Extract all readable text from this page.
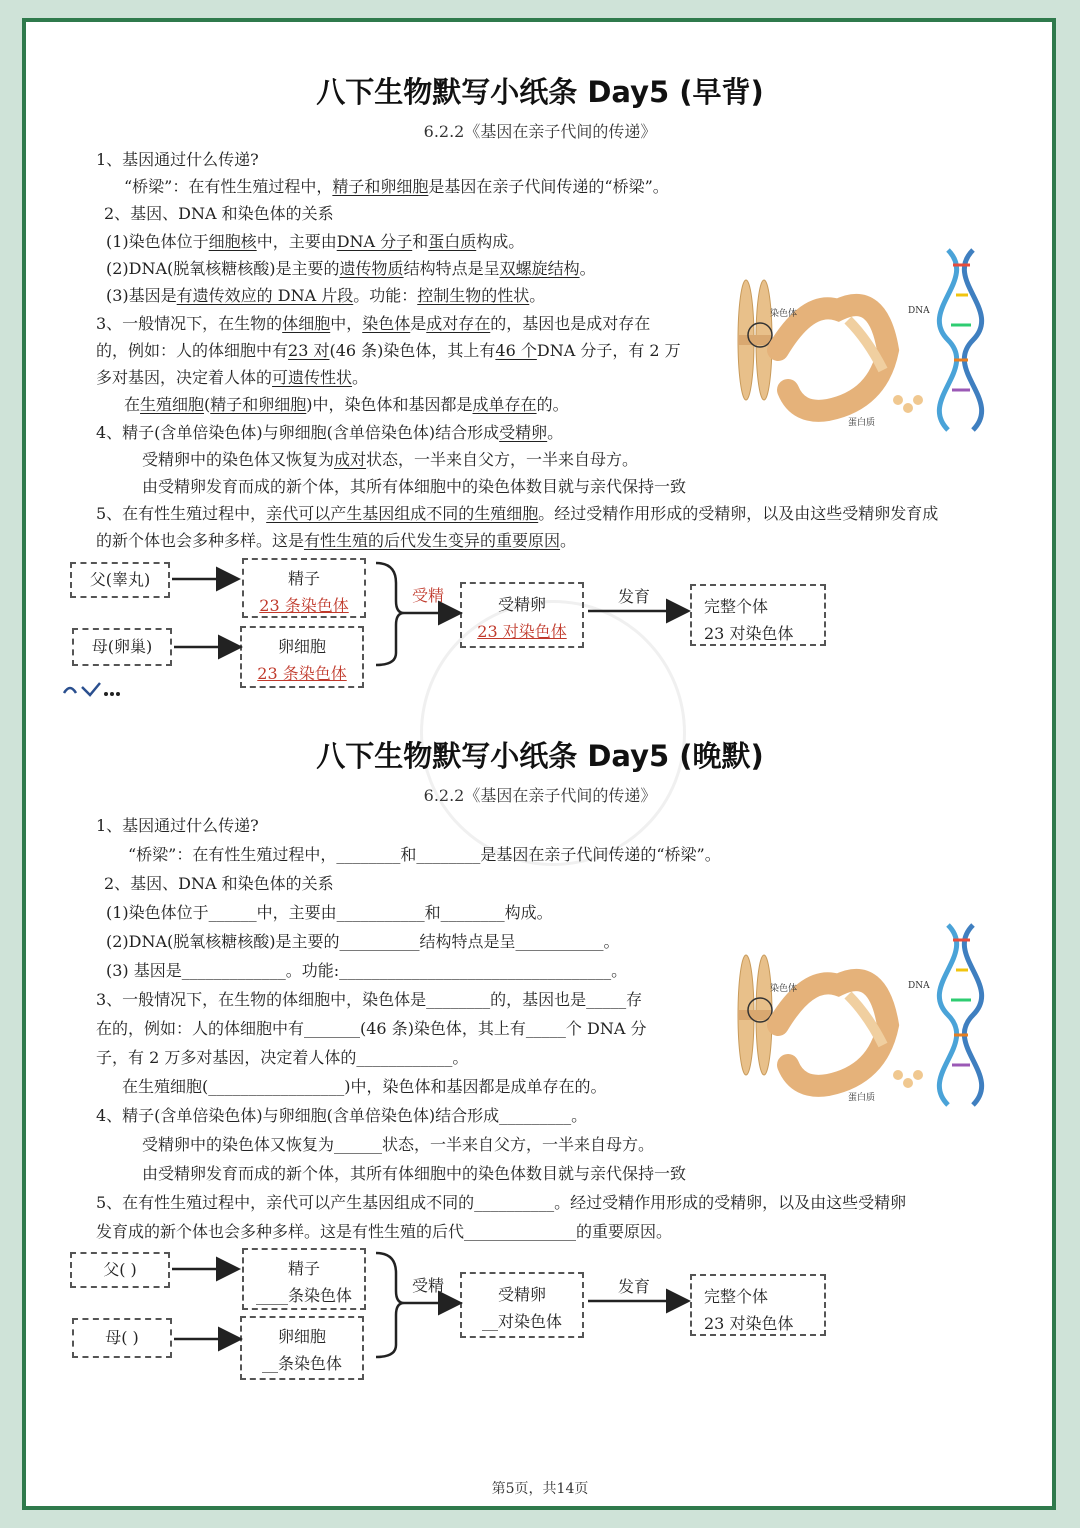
八下生物默写小纸条 Day5 (早背)
6.2.2《基因在亲子代间的传递》
1、基因通过什么传递?
“桥梁”：在有性生殖过程中，精子和卵细胞是基因在亲子代间传递的“桥梁”。
2、基因、DNA 和染色体的关系
(1)染色体位于细胞核中，主要由DNA 分子和蛋白质构成。
(2)DNA(脱氧核糖核酸)是主要的遗传物质结构特点是呈双螺旋结构。
(3)基因是有遗传效应的 DNA 片段。功能：控制生物的性状。
3、一般情况下，在生物的体细胞中，染色体是成对存在的，基因也是成对存在
的，例如：人的体细胞中有23 对(46 条)染色体，其上有46 个DNA 分子，有 2 万
多对基因，决定着人体的可遗传性状。
在生殖细胞(精子和卵细胞)中，染色体和基因都是成单存在的。
4、精子(含单倍染色体)与卵细胞(含单倍染色体)结合形成受精卵。
受精卵中的染色体又恢复为成对状态，一半来自父方，一半来自母方。
由受精卵发育而成的新个体，其所有体细胞中的染色体数目就与亲代保持一致
5、在有性生殖过程中，亲代可以产生基因组成不同的生殖细胞。经过受精作用形成的受精卵，以及由这些受精卵发育成
的新个体也会多种多样。这是有性生殖的后代发生变异的重要原因。
染色体	DNA
蛋白质
父(睾丸)
母(卵巢)
精子
23 条染色体
卵细胞
23 条染色体
受精卵
23 对染色体
完整个体
23 对染色体
受精	发育
八下生物默写小纸条 Day5 (晚默)
6.2.2《基因在亲子代间的传递》
1、基因通过什么传递?
“桥梁”：在有性生殖过程中，________和________是基因在亲子代间传递的“桥梁”。
2、基因、DNA 和染色体的关系
(1)染色体位于______中，主要由___________和________构成。
(2)DNA(脱氧核糖核酸)是主要的__________结构特点是呈___________。
(3) 基因是_____________。功能:__________________________________。
3、一般情况下，在生物的体细胞中，染色体是________的，基因也是_____存
在的，例如：人的体细胞中有_______(46 条)染色体，其上有_____个 DNA 分
子，有 2 万多对基因，决定着人体的____________。
在生殖细胞(_________________)中，染色体和基因都是成单存在的。
4、精子(含单倍染色体)与卵细胞(含单倍染色体)结合形成_________。
受精卵中的染色体又恢复为______状态，一半来自父方，一半来自母方。
由受精卵发育而成的新个体，其所有体细胞中的染色体数目就与亲代保持一致
5、在有性生殖过程中，亲代可以产生基因组成不同的__________。经过受精作用形成的受精卵，以及由这些受精卵
发育成的新个体也会多种多样。这是有性生殖的后代______________的重要原因。
染色体	DNA
蛋白质
父( )
母( )
精子
____条染色体
卵细胞
__条染色体
受精卵
__对染色体
完整个体
23 对染色体
受精	发育
第5页，共14页
